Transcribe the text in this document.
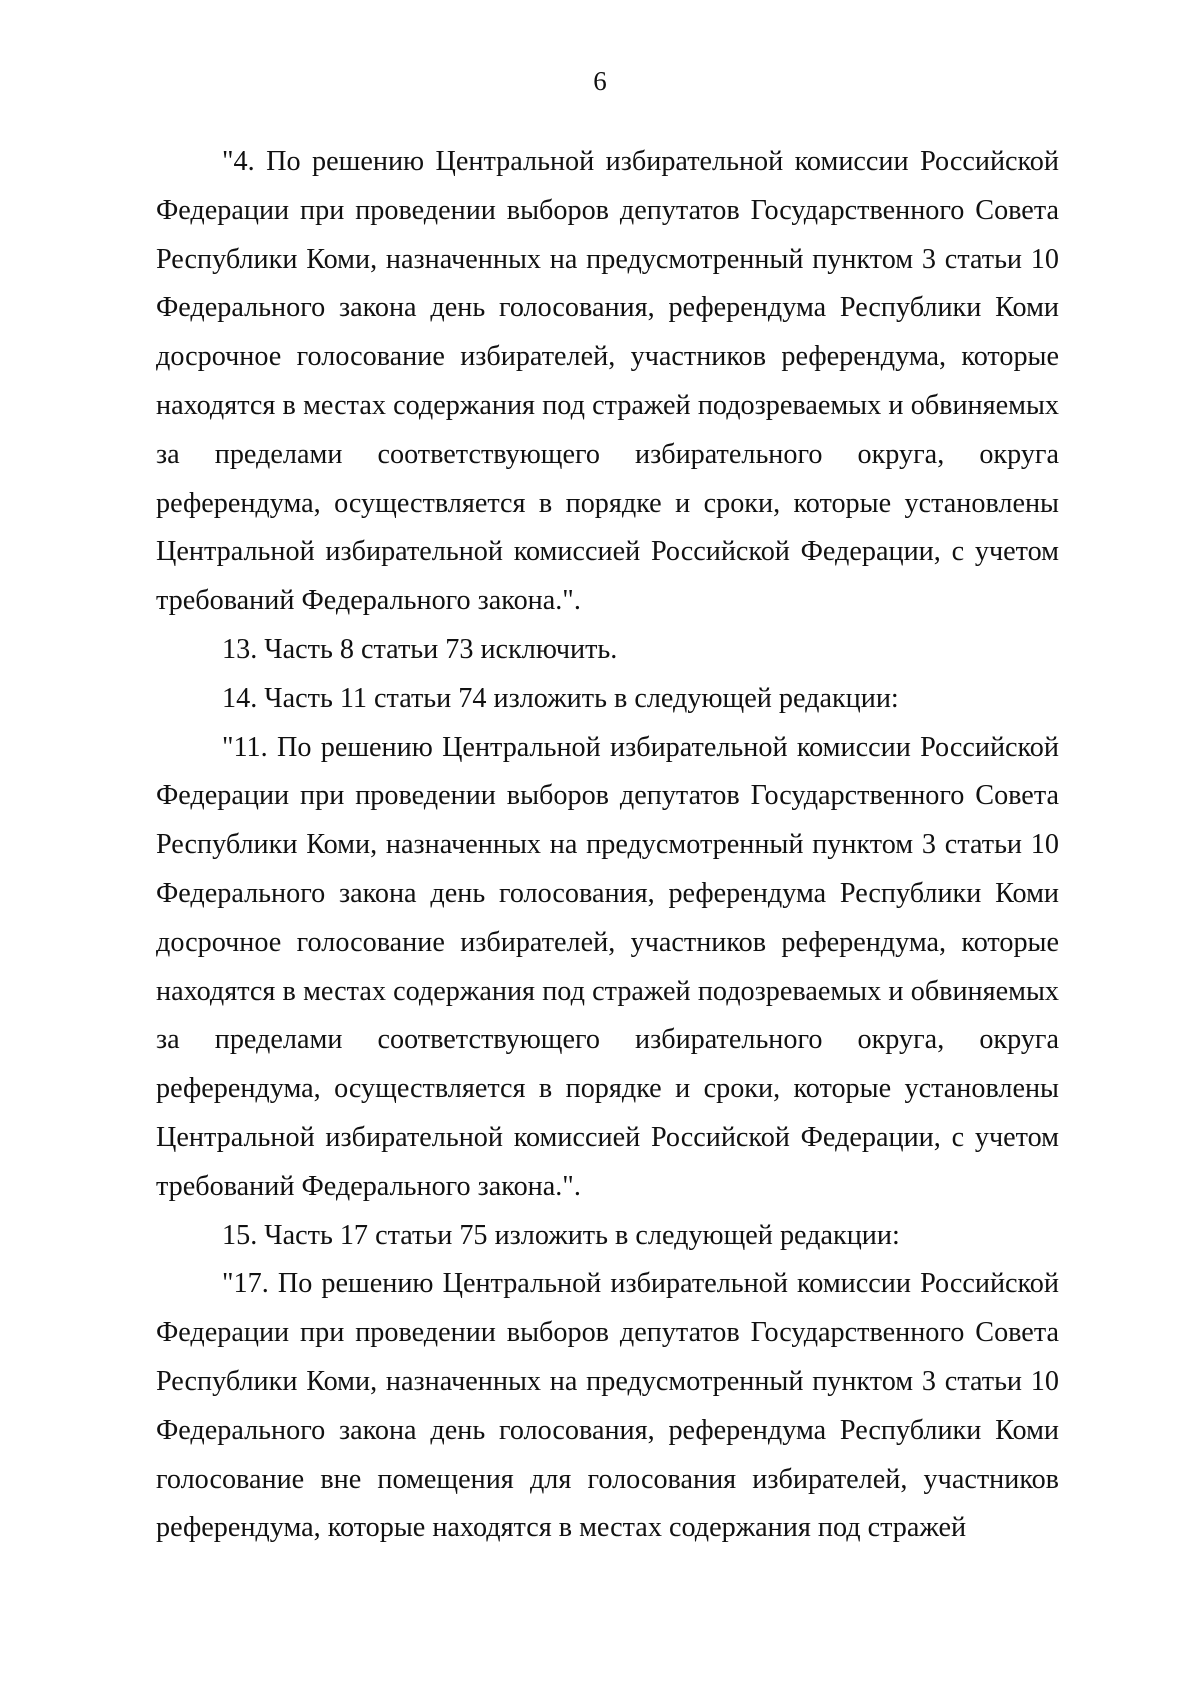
6

"4. По решению Центральной избирательной комиссии Российской Федерации при проведении выборов депутатов Государственного Совета Республики Коми, назначенных на предусмотренный пунктом 3 статьи 10 Федерального закона день голосования, референдума Республики Коми досрочное голосование избирателей, участников референдума, которые находятся в местах содержания под стражей подозреваемых и обвиняемых за пределами соответствующего избирательного округа, округа референдума, осуществляется в порядке и сроки, которые установлены Центральной избирательной комиссией Российской Федерации, с учетом требований Федерального закона.".

13. Часть 8 статьи 73 исключить.

14. Часть 11 статьи 74 изложить в следующей редакции:

"11. По решению Центральной избирательной комиссии Российской Федерации при проведении выборов депутатов Государственного Совета Республики Коми, назначенных на предусмотренный пунктом 3 статьи 10 Федерального закона день голосования, референдума Республики Коми досрочное голосование избирателей, участников референдума, которые находятся в местах содержания под стражей подозреваемых и обвиняемых за пределами соответствующего избирательного округа, округа референдума, осуществляется в порядке и сроки, которые установлены Центральной избирательной комиссией Российской Федерации, с учетом требований Федерального закона.".

15. Часть 17 статьи 75 изложить в следующей редакции:

"17. По решению Центральной избирательной комиссии Российской Федерации при проведении выборов депутатов Государственного Совета Республики Коми, назначенных на предусмотренный пунктом 3 статьи 10 Федерального закона день голосования, референдума Республики Коми голосование вне помещения для голосования избирателей, участников референдума, которые находятся в местах содержания под стражей
